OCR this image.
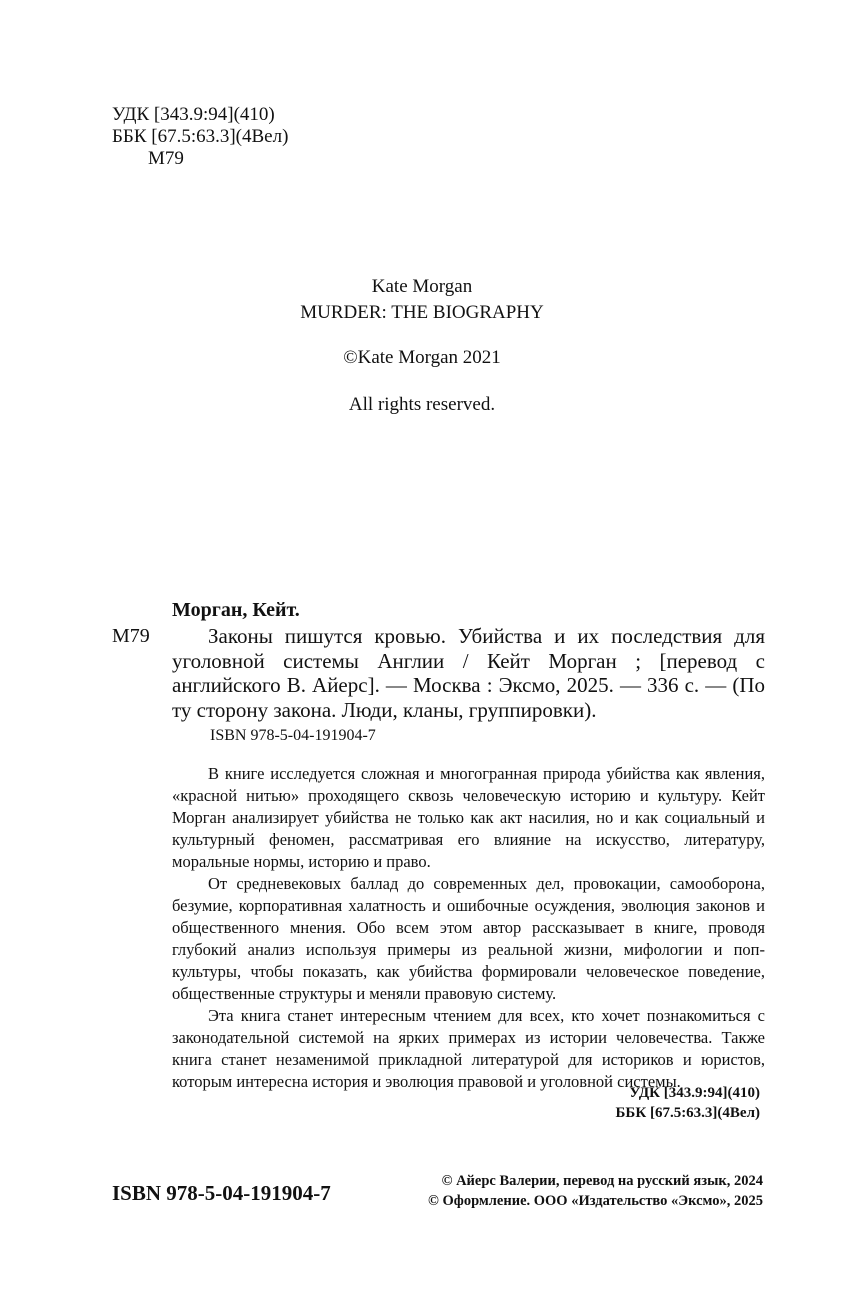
УДК [343.9:94](410)
ББК [67.5:63.3](4Вел)
М79
Kate Morgan
MURDER: THE BIOGRAPHY
©Kate Morgan 2021
All rights reserved.
Морган, Кейт.
М79	Законы пишутся кровью. Убийства и их последствия для уголовной системы Англии / Кейт Морган ; [перевод с английского В. Айерс]. — Москва : Эксмо, 2025. — 336 с. — (По ту сторону закона. Люди, кланы, группировки).
ISBN 978-5-04-191904-7

В книге исследуется сложная и многогранная природа убийства как явления, «красной нитью» проходящего сквозь человеческую историю и культуру. Кейт Морган анализирует убийства не только как акт насилия, но и как социальный и культурный феномен, рассматривая его влияние на искусство, литературу, моральные нормы, историю и право.

От средневековых баллад до современных дел, провокации, самооборона, безумие, корпоративная халатность и ошибочные осуждения, эволюция законов и общественного мнения. Обо всем этом автор рассказывает в книге, проводя глубокий анализ используя примеры из реальной жизни, мифологии и поп-культуры, чтобы показать, как убийства формировали человеческое поведение, общественные структуры и меняли правовую систему.

Эта книга станет интересным чтением для всех, кто хочет познакомиться с законодательной системой на ярких примерах из истории человечества. Также книга станет незаменимой прикладной литературой для историков и юристов, которым интересна история и эволюция правовой и уголовной системы.

УДК [343.9:94](410)
ББК [67.5:63.3](4Вел)
ISBN 978-5-04-191904-7	© Айерс Валерии, перевод на русский язык, 2024
© Оформление. ООО «Издательство «Эксмо», 2025
